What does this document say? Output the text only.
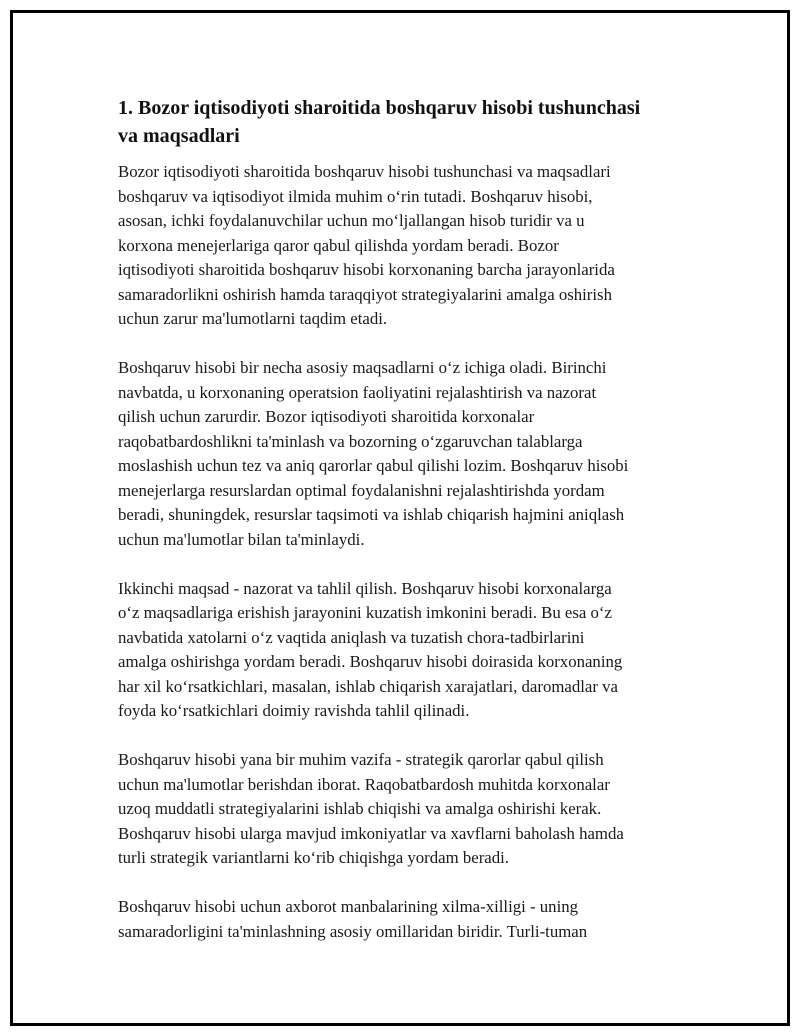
1. Bozor iqtisodiyoti sharoitida boshqaruv hisobi tushunchasi
va maqsadlari

Bozor iqtisodiyoti sharoitida boshqaruv hisobi tushunchasi va maqsadlari
boshqaruv va iqtisodiyot ilmida muhim o‘rin tutadi. Boshqaruv hisobi,
asosan, ichki foydalanuvchilar uchun mo‘ljallangan hisob turidir va u
korxona menejerlariga qaror qabul qilishda yordam beradi. Bozor
iqtisodiyoti sharoitida boshqaruv hisobi korxonaning barcha jarayonlarida
samaradorlikni oshirish hamda taraqqiyot strategiyalarini amalga oshirish
uchun zarur ma'lumotlarni taqdim etadi.

Boshqaruv hisobi bir necha asosiy maqsadlarni o‘z ichiga oladi. Birinchi
navbatda, u korxonaning operatsion faoliyatini rejalashtirish va nazorat
qilish uchun zarurdir. Bozor iqtisodiyoti sharoitida korxonalar
raqobatbardoshlikni ta'minlash va bozorning o‘zgaruvchan talablarga
moslashish uchun tez va aniq qarorlar qabul qilishi lozim. Boshqaruv hisobi
menejerlarga resurslardan optimal foydalanishni rejalashtirishda yordam
beradi, shuningdek, resurslar taqsimoti va ishlab chiqarish hajmini aniqlash
uchun ma'lumotlar bilan ta'minlaydi.

Ikkinchi maqsad - nazorat va tahlil qilish. Boshqaruv hisobi korxonalarga
o‘z maqsadlariga erishish jarayonini kuzatish imkonini beradi. Bu esa o‘z
navbatida xatolarni o‘z vaqtida aniqlash va tuzatish chora-tadbirlarini
amalga oshirishga yordam beradi. Boshqaruv hisobi doirasida korxonaning
har xil ko‘rsatkichlari, masalan, ishlab chiqarish xarajatlari, daromadlar va
foyda ko‘rsatkichlari doimiy ravishda tahlil qilinadi.

Boshqaruv hisobi yana bir muhim vazifa - strategik qarorlar qabul qilish
uchun ma'lumotlar berishdan iborat. Raqobatbardosh muhitda korxonalar
uzoq muddatli strategiyalarini ishlab chiqishi va amalga oshirishi kerak.
Boshqaruv hisobi ularga mavjud imkoniyatlar va xavflarni baholash hamda
turli strategik variantlarni ko‘rib chiqishga yordam beradi.

Boshqaruv hisobi uchun axborot manbalarining xilma-xilligi - uning
samaradorligini ta'minlashning asosiy omillaridan biridir. Turli-tuman
